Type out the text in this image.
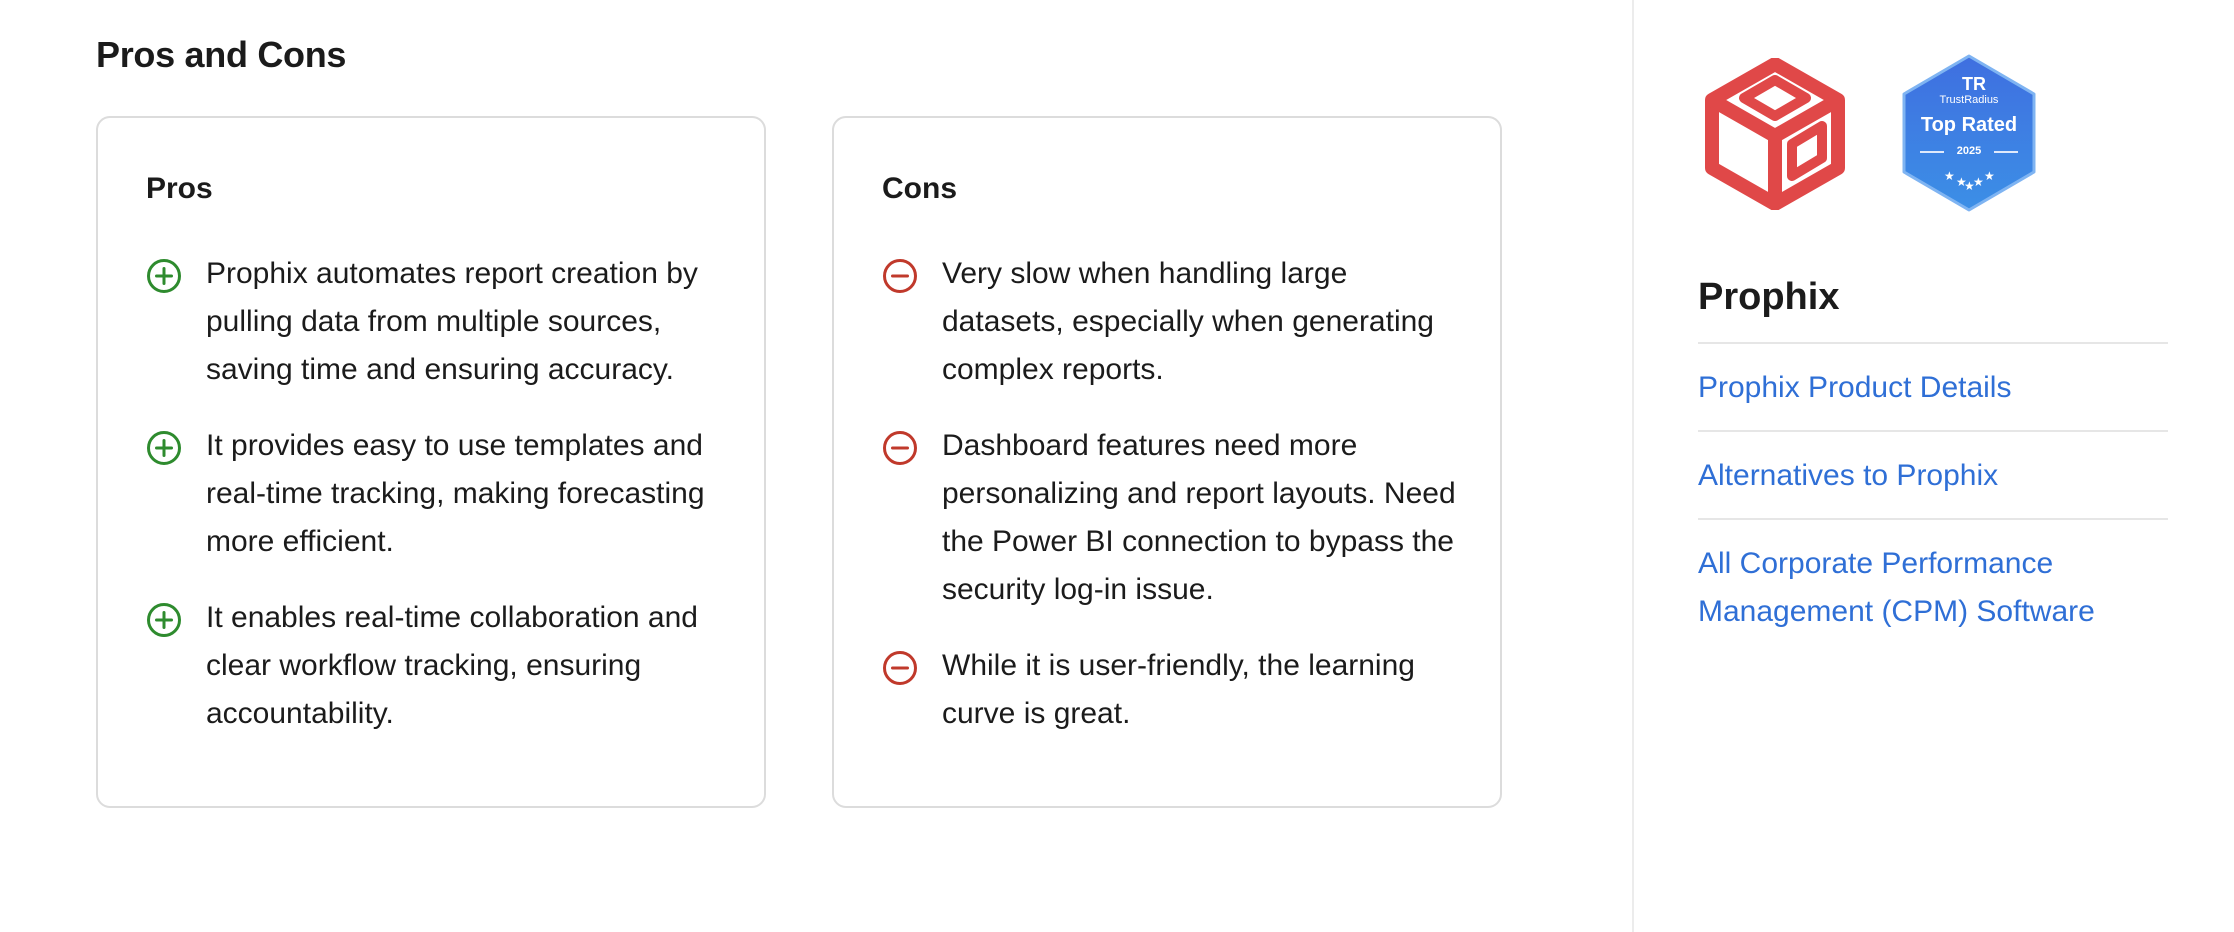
Pros and Cons
Pros
Prophix automates report creation by pulling data from multiple sources, saving time and ensuring accuracy.
It provides easy to use templates and real-time tracking, making forecasting more efficient.
It enables real-time collaboration and clear workflow tracking, ensuring accountability.
Cons
Very slow when handling large datasets, especially when generating complex reports.
Dashboard features need more personalizing and report layouts. Need the Power BI connection to bypass the security log-in issue.
While it is user-friendly, the learning curve is great.
★ ★
★
★ ★
TR
TrustRadius
Top Rated
2025
Prophix
Prophix Product Details
Alternatives to Prophix
All Corporate Performance Management (CPM) Software
